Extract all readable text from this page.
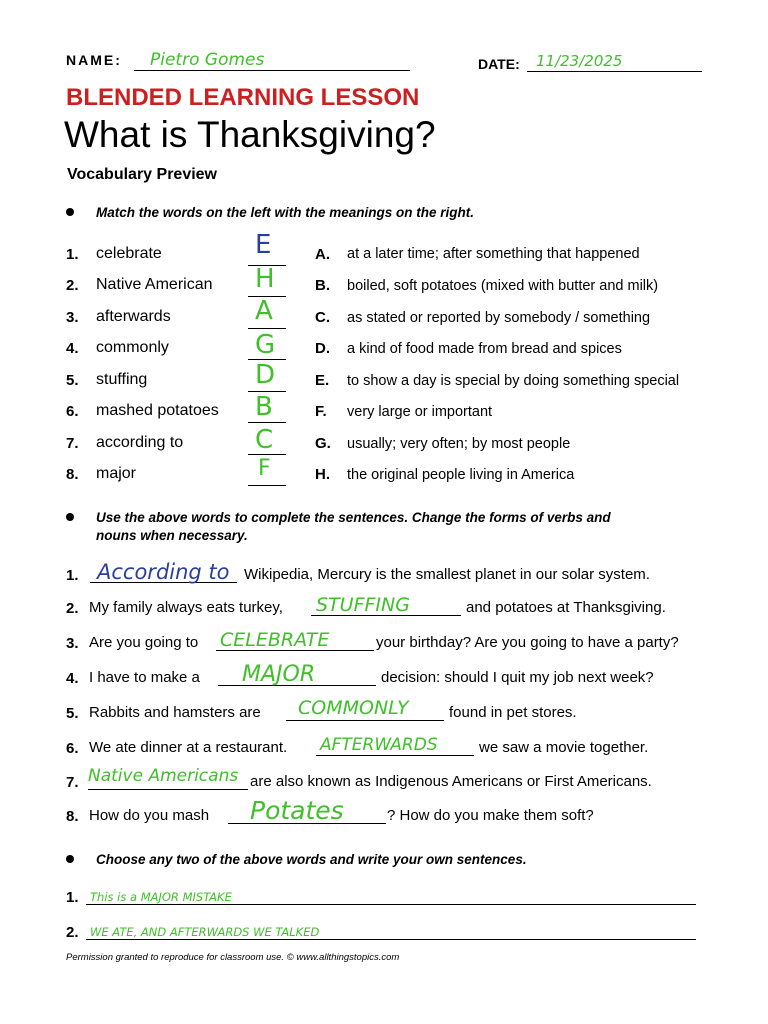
NAME: Pietro Gomes	DATE: 11/23/2025
BLENDED LEARNING LESSON
What is Thanksgiving?
Vocabulary Preview
Match the words on the left with the meanings on the right.
1. celebrate	E	A. at a later time; after something that happened
2. Native American H	B. boiled, soft potatoes (mixed with butter and milk)
3. afterwards	A	C. as stated or reported by somebody / something
4. commonly	G	D. a kind of food made from bread and spices
5. stuffing	D	E. to show a day is special by doing something special
6. mashed potatoes B	F. very large or important
7. according to	C	G. usually; very often; by most people
8. major	F	H. the original people living in America
Use the above words to complete the sentences. Change the forms of verbs and
nouns when necessary.
1. According to Wikipedia, Mercury is the smallest planet in our solar system.
2. My family always eats turkey, STUFFING	and potatoes at Thanksgiving.
3. Are you going to CELEBRATE	your birthday? Are you going to have a party?
4. I have to make a MAJOR	decision: should I quit my job next week?
5. Rabbits and hamsters are COMMONLY	found in pet stores.
6. We ate dinner at a restaurant. AFTERWARDS	we saw a movie together.
7. Native Americans are also known as Indigenous Americans or First Americans.
8. How do you mash Potates	? How do you make them soft?
Choose any two of the above words and write your own sentences.
1. This is a MAJOR MISTAKE
2. WE ATE, AND AFTERWARDS WE TALKED
Permission granted to reproduce for classroom use. © www.allthingstopics.com
